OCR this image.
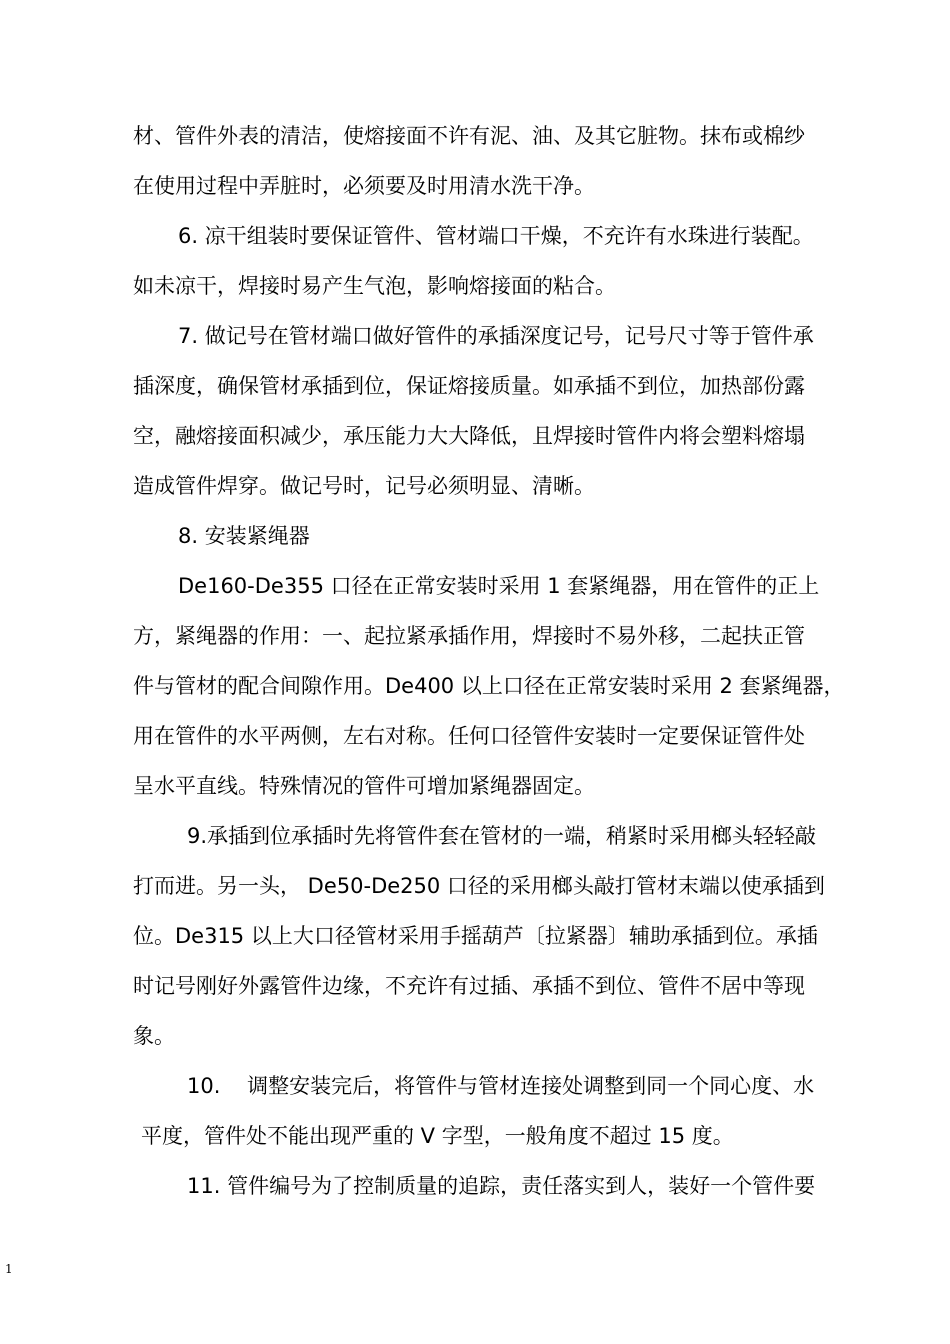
材、管件外表的清洁，使熔接面不许有泥、油、及其它脏物。抹布或棉纱
在使用过程中弄脏时，必须要及时用清水洗干净。
6. 凉干组装时要保证管件、管材端口干燥，不充许有水珠进行装配。
如未凉干，焊接时易产生气泡，影响熔接面的粘合。
7. 做记号在管材端口做好管件的承插深度记号，记号尺寸等于管件承
插深度，确保管材承插到位，保证熔接质量。如承插不到位，加热部份露
空，融熔接面积减少，承压能力大大降低，且焊接时管件内将会塑料熔塌
造成管件焊穿。做记号时，记号必须明显、清晰。
8. 安装紧绳器
De160-De355 口径在正常安装时采用 1 套紧绳器，用在管件的正上
方，紧绳器的作用：一、起拉紧承插作用，焊接时不易外移，二起扶正管
件与管材的配合间隙作用。De400 以上口径在正常安装时采用 2 套紧绳器，
用在管件的水平两侧，左右对称。任何口径管件安装时一定要保证管件处
呈水平直线。特殊情况的管件可增加紧绳器固定。
9.承插到位承插时先将管件套在管材的一端，稍紧时采用榔头轻轻敲
打而进。另一头， De50-De250 口径的采用榔头敲打管材末端以使承插到
位。De315 以上大口径管材采用手摇葫芦〔拉紧器〕辅助承插到位。承插
时记号刚好外露管件边缘，不充许有过插、承插不到位、管件不居中等现
象。
10.    调整安装完后，将管件与管材连接处调整到同一个同心度、水
平度，管件处不能出现严重的 V 字型，一般角度不超过 15 度。
11. 管件编号为了控制质量的追踪，责任落实到人，装好一个管件要
1
